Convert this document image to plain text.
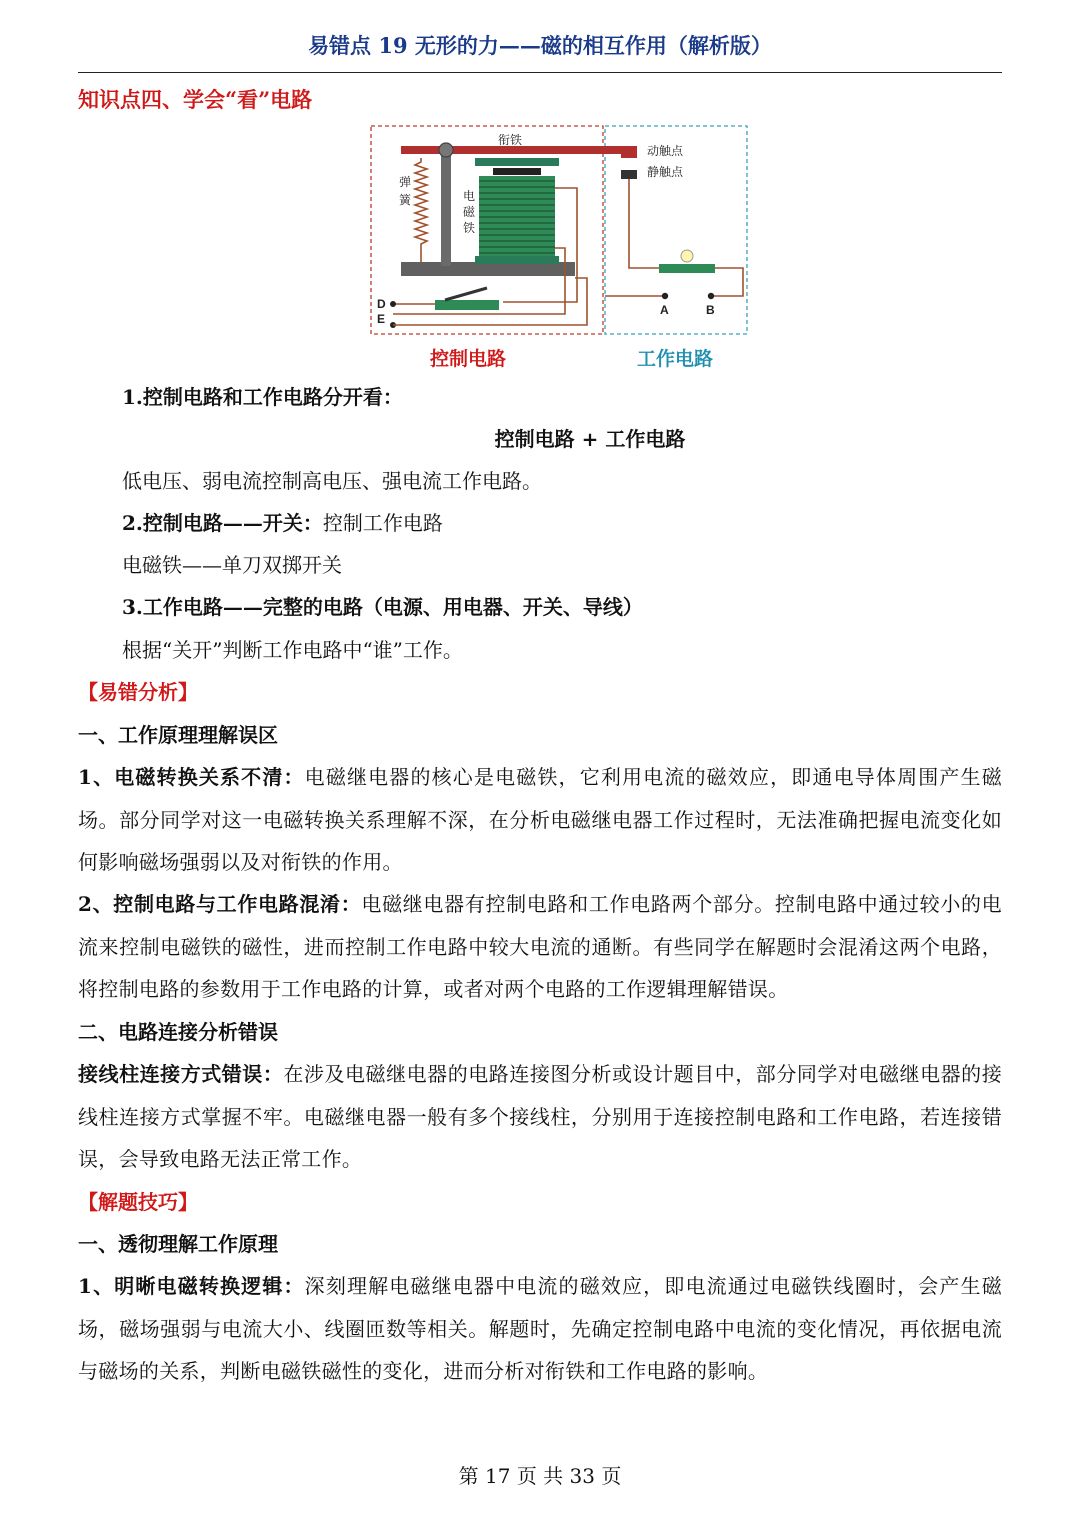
易错点 19 无形的力——磁的相互作用（解析版）
知识点四、学会“看”电路
衔铁
动触点
静触点
弹
簧	电
磁
铁
D
E
A	B
控制电路	工作电路
1.控制电路和工作电路分开看：
控制电路 + 工作电路
低电压、弱电流控制高电压、强电流工作电路。
2.控制电路——开关：控制工作电路
电磁铁——单刀双掷开关
3.工作电路——完整的电路（电源、用电器、开关、导线）
根据“关开”判断工作电路中“谁”工作。
【易错分析】
一、工作原理理解误区
1、电磁转换关系不清：电磁继电器的核心是电磁铁，它利用电流的磁效应，即通电导体周围产生磁场。部分同学对这一电磁转换关系理解不深，在分析电磁继电器工作过程时，无法准确把握电流变化如何影响磁场强弱以及对衔铁的作用。
2、控制电路与工作电路混淆：电磁继电器有控制电路和工作电路两个部分。控制电路中通过较小的电流来控制电磁铁的磁性，进而控制工作电路中较大电流的通断。有些同学在解题时会混淆这两个电路，将控制电路的参数用于工作电路的计算，或者对两个电路的工作逻辑理解错误。
二、电路连接分析错误
接线柱连接方式错误：在涉及电磁继电器的电路连接图分析或设计题目中，部分同学对电磁继电器的接线柱连接方式掌握不牢。电磁继电器一般有多个接线柱，分别用于连接控制电路和工作电路，若连接错误，会导致电路无法正常工作。
【解题技巧】
一、透彻理解工作原理
1、明晰电磁转换逻辑：深刻理解电磁继电器中电流的磁效应，即电流通过电磁铁线圈时，会产生磁场，磁场强弱与电流大小、线圈匝数等相关。解题时，先确定控制电路中电流的变化情况，再依据电流与磁场的关系，判断电磁铁磁性的变化，进而分析对衔铁和工作电路的影响。
第 17 页 共 33 页
